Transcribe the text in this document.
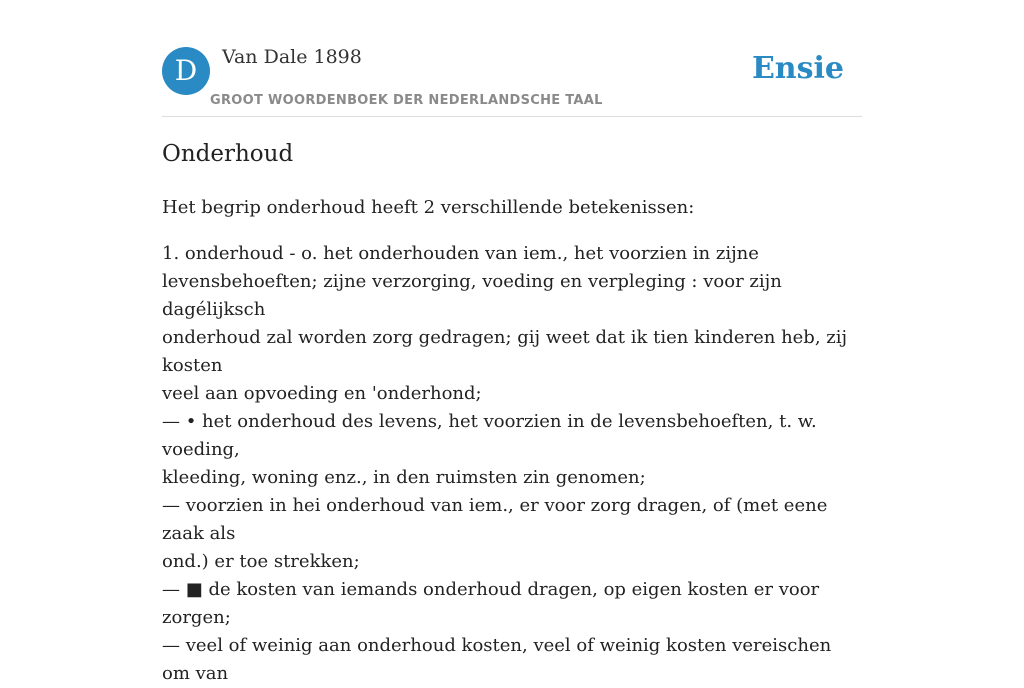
D	Van Dale 1898
GROOT WOORDENBOEK DER NEDERLANDSCHE TAAL
Ensie
Onderhoud

Het begrip onderhoud heeft 2 verschillende betekenissen:

1. onderhoud - o. het onderhouden van iem., het voorzien in zijne
levensbehoeften; zijne verzorging, voeding en verpleging : voor zijn dagélijksch
onderhoud zal worden zorg gedragen; gij weet dat ik tien kinderen heb, zij kosten
veel aan opvoeding en 'onderhond;
— • het onderhoud des levens, het voorzien in de levensbehoeften, t. w. voeding,
kleeding, woning enz., in den ruimsten zin genomen;
— voorzien in hei onderhoud van iem., er voor zorg dragen, of (met eene zaak als
ond.) er toe strekken;
— ■ de kosten van iemands onderhoud dragen, op eigen kosten er voor zorgen;
— veel of weinig aan onderhoud kosten, veel of weinig kosten vereischen om van
